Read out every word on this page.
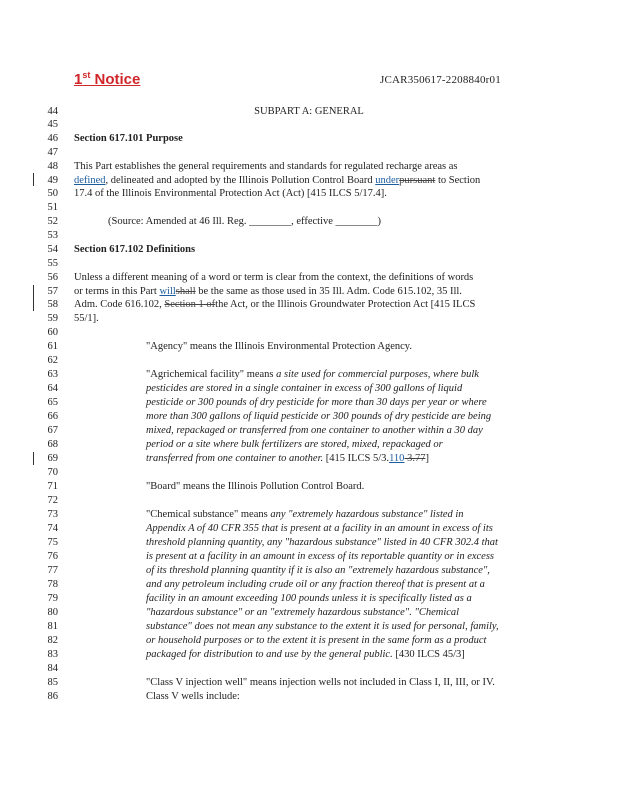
1st Notice	JCAR350617-2208840r01
44
45
46
47
48
49
50
51
52
53
54
55
56
57
58
59
60
61
62
63
64
65
66
67
68
69
70
71
72
73
74
75
76
77
78
79
80
81
82
83
84
85
86
SUBPART A: GENERAL
Section 617.101 Purpose
This Part establishes the general requirements and standards for regulated recharge areas as
defined, delineated and adopted by the Illinois Pollution Control Board underpursuant to Section
17.4 of the Illinois Environmental Protection Act (Act) [415 ILCS 5/17.4].
(Source: Amended at 46 Ill. Reg. ________, effective ________)
Section 617.102 Definitions
Unless a different meaning of a word or term is clear from the context, the definitions of words
or terms in this Part willshall be the same as those used in 35 Ill. Adm. Code 615.102, 35 Ill.
Adm. Code 616.102, Section 1 ofthe Act, or the Illinois Groundwater Protection Act [415 ILCS
55/1].
"Agency" means the Illinois Environmental Protection Agency.
"Agrichemical facility" means a site used for commercial purposes, where bulk
pesticides are stored in a single container in excess of 300 gallons of liquid
pesticide or 300 pounds of dry pesticide for more than 30 days per year or where
more than 300 gallons of liquid pesticide or 300 pounds of dry pesticide are being
mixed, repackaged or transferred from one container to another within a 30 day
period or a site where bulk fertilizers are stored, mixed, repackaged or
transferred from one container to another. [415 ILCS 5/3.110 3.77]
"Board" means the Illinois Pollution Control Board.
"Chemical substance" means any "extremely hazardous substance" listed in
Appendix A of 40 CFR 355 that is present at a facility in an amount in excess of its
threshold planning quantity, any "hazardous substance" listed in 40 CFR 302.4 that
is present at a facility in an amount in excess of its reportable quantity or in excess
of its threshold planning quantity if it is also an "extremely hazardous substance",
and any petroleum including crude oil or any fraction thereof that is present at a
facility in an amount exceeding 100 pounds unless it is specifically listed as a
"hazardous substance" or an "extremely hazardous substance". "Chemical
substance" does not mean any substance to the extent it is used for personal, family,
or household purposes or to the extent it is present in the same form as a product
packaged for distribution to and use by the general public. [430 ILCS 45/3]
"Class V injection well" means injection wells not included in Class I, II, III, or IV.
Class V wells include:
